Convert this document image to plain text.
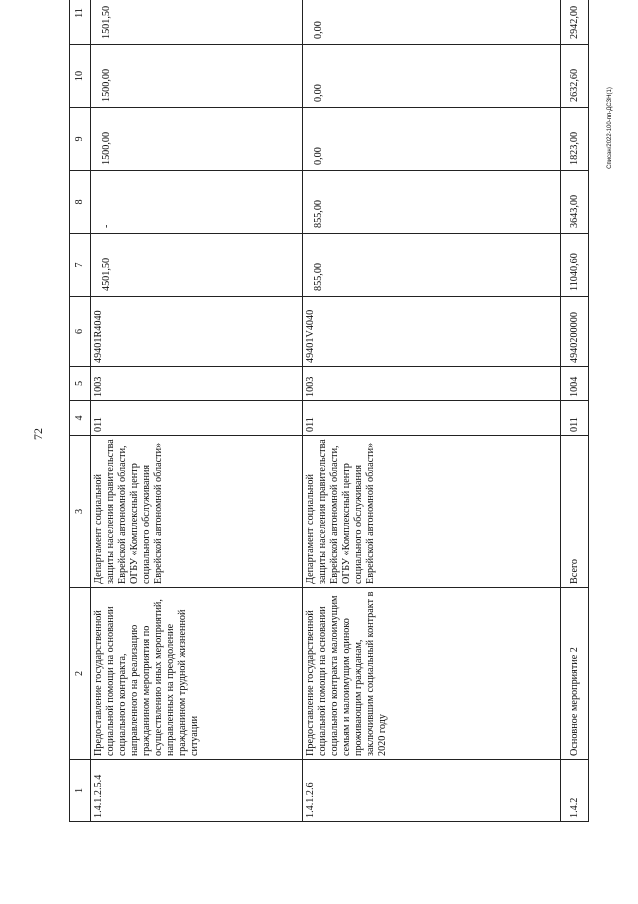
72
Списан/2022-100-пп-ДСЗН(1)
1	2	3	4	5	6	7	8	9	10	11
1.4.1.2.5.4	Предоставление государственной социальной помощи на основании социального контракта, направленного на реализацию гражданином мероприятия по осуществлению иных мероприятий, направленных на преодоление гражданином трудной жизненной ситуации	Департамент социальной защиты населения правительства Еврейской автономной области, ОГБУ «Комплексный центр социального обслуживания Еврейской автономной области»	011	1003	49401R4040	4501,50	-	1500,00	1500,00	1501,50
1.4.1.2.6	Предоставление государственной социальной помощи на основании социального контракта малоимущим семьям и малоимущим одиноко проживающим гражданам, заключившим социальный контракт в 2020 году	Департамент социальной защиты населения правительства Еврейской автономной области, ОГБУ «Комплексный центр социального обслуживания Еврейской автономной области»	011	1003	49401V4040	855,00	855,00	0,00	0,00	0,00
1.4.2	Основное мероприятие 2	Всего	011	1004	4940200000	11040,60	3643,00	1823,00	2632,60	2942,00
